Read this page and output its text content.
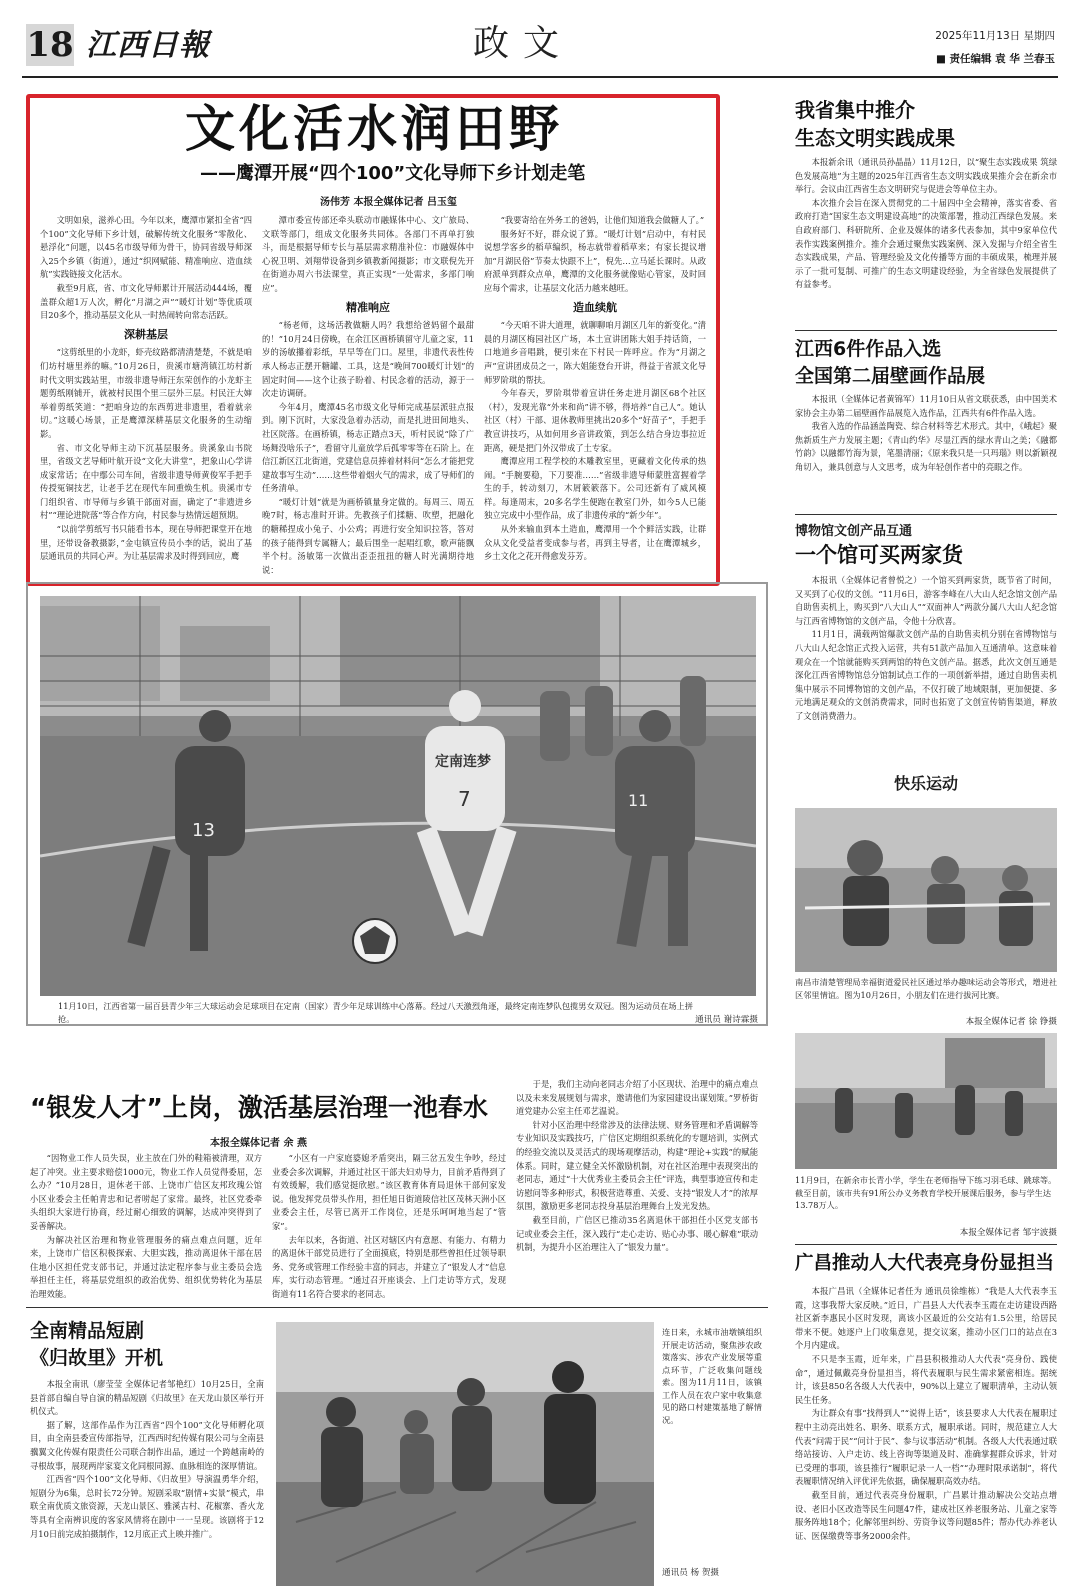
18 江西日報	政文	2025年11月13日 星期四
■ 责任编辑 袁 华 兰春玉
文化活水润田野
——鹰潭开展“四个100”文化导师下乡计划走笔
汤伟芳 本报全媒体记者 吕玉玺

文明如泉，滋养心田。今年以来，鹰潭市紧扣全省“四个100”文化导师下乡计划，破解传统文化服务“零散化、悬浮化”问题，以45名市级导师为骨干，协同省级导师深入25个乡镇（街道），通过“织网赋能、精准响应、造血续航”实践链接文化活水。

截至9月底，省、市文化导师累计开展活动444场，覆盖群众超1万人次，孵化“月湖之声”“暖灯计划”等优质项目20多个，推动基层文化从一时热闹转向常态活跃。

深耕基层

“这剪纸里的小龙虾，虾壳纹路都清清楚楚，不就是咱们坊村塘里养的嘛。”10月26日，贵溪市塘湾镇江坊村新时代文明实践站里，市级非遗导师汪东荣创作的小龙虾主题剪纸刚铺开，就被村民围个里三层外三层。村民汪大婶举着剪纸笑道：“把咱身边的东西剪进非遗里，看着就亲切。”这暖心场景，正是鹰潭深耕基层文化服务的生动缩影。

省、市文化导师主动下沉基层服务。贵溪象山书院里，省级文艺导师叶航开设“文化大讲堂”，把象山心学讲成家常话；在中鄢公司车间，省级非遗导师黄俊军手把手传授冤铜技艺，让老手艺在现代车间重焕生机。贵溪市专门组织省、市导师与乡镇干部面对面，确定了“非遗进乡村”“理论进院落”等合作方向，村民参与热情远超预期。

“以前学剪纸写书只能看书本，现在导师把课堂开在地里，还带设备教摄影，”金屯镇宣传员小李的话，说出了基层通讯员的共同心声。为让基层需求及时得到回应，鹰

潭市委宣传部还牵头联动市融媒体中心、文广旅局、文联等部门，组成文化服务共同体。各部门不再单打独斗，而是根据导师专长与基层需求精准补位：市融媒体中心祝卫明、刘翔带设备到乡镇教新闻摄影；市文联倪先开在街道办周六书法课堂，真正实现“一处需求，多部门响应”。

精准响应

“杨老师，这场活教做糖人吗？我想给爸妈留个最甜的！”10月24日傍晚，在余江区画桥镇留守儿童之家，11岁的汤敏攥着彩纸，早早等在门口。屋里，非遗代表性传承人杨志正摆开糖罐、工具，这是“晚间700暖灯计划”的固定时间——这个让孩子盼着、村民念着的活动，源于一次走访调研。

今年4月，鹰潭45名市级文化导师完成基层派驻点报到。刚下沉时，大家没急着办活动，而是扎进田间地头、社区院落。在画桥镇，杨志正踏点3天，听村民说“除了广场舞没啥乐子”，看留守儿童放学后孤零零等在石阶上。在信江新区江北街道，党建信息员捧着材料问“怎么才能把党建故事写生动”……这些带着烟火气的需求，成了导师们的任务清单。

“暖灯计划”就是为画桥镇量身定做的。每周三、周五晚7时，杨志准时开讲。先教孩子们揉糖、吹塑，把融化的糖稀捏成小兔子、小公鸡；再进行安全知识拉答，答对的孩子能得到专属糖人；最后围坐一起唱红歌，歌声能飘半个村。汤敏第一次做出歪歪扭扭的糖人时光满期待地说：

“我要寄给在外务工的爸妈，让他们知道我会做糖人了。”

服务好不好，群众说了算。“暖灯计划”启动中，有村民说想学客乡的稻草编织，杨志就带着稻草来；有家长提议增加“月湖民俗”节奏太快跟不上”，倪先…立马延长课时。从政府派单到群众点单，鹰潭的文化服务就像贴心管家，及时回应每个需求，让基层文化活力越来越旺。

造血续航

“今天咱不讲大道理，就聊聊咱月湖区几年的新变化。”清晨的月湖区梅园社区广场，本土宣讲团陈大姐手持话筒，一口地道乡音唱跳，便引来在下村民一阵呼应。作为“月湖之声”宣讲团成员之一，陈大姐能登台开讲，得益于省派文化导师罗阶琪的帮扶。

今年春天，罗阶琪带着宣讲任务走进月湖区68个社区（村），发现光靠“外来和尚”讲不够，得培养“自己人”。她认社区（村）干部、退休教师里挑出20多个“好苗子”，手把手教宣讲技巧，从如何用乡音讲政策，到怎么结合身边事拉近距离，硬是把门外汉带成了土专家。

鹰潭应用工程学校的木雕教室里，更藏着文化传承的热闹。“手腕要稳，下刀要准……”省级非遗导师蒙胜富握着学生的手，转动刻刀，木屑簌簌落下。公司还新有了威风模样。每逢周末，20多名学生便跑在教室门外，如今5人已能独立完成中小型作品，成了非遗传承的“新少年”。

从外来输血到本土造血，鹰潭用一个个鲜活实践，让群众从文化受益者变成参与者，再到主导者，让在鹰潭城乡，乡土文化之花开得愈发芬芳。

13
定南连梦
7	11
11月10日，江西省第一届百县青少年三大球运动会足球项目在定南（国家）青少年足球训练中心落幕。经过八天激烈角逐，最终定南连梦队包揽男女双冠。图为运动员在场上拼抢。	通讯员 谢诗霖摄
我省集中推介
生态文明实践成果

本报新余讯（通讯员孙晶晶）11月12日，以“聚生态实践成果 筑绿色发展高地”为主题的2025年江西省生态文明实践成果推介会在新余市举行。会议由江西省生态文明研究与促进会等单位主办。

本次推介会旨在深入贯彻党的二十届四中全会精神，落实省委、省政府打造“国家生态文明建设高地”的决策部署，推动江西绿色发展。来自政府部门、科研院所、企业及媒体的诸多代表参加，其中9家单位代表作实践案例推介。推介会通过聚焦实践案例、深入发掘与介绍全省生态实践成果，产品、管理经验及文化传播等方面的丰硕成果，梳理并展示了一批可复制、可推广的生态文明建设经验，为全省绿色发展提供了有益参考。

江西6件作品入选
全国第二届壁画作品展

本报讯（全媒体记者黄锦军）11月10日从省文联获悉，由中国美术家协会主办第二届壁画作品展览入选作品，江西共有6件作品入选。

我省入选的作品涵盖陶瓷、综合材料等艺术形式。其中，《峨起》聚焦新质生产力发展主题；《青山约华》尽显江西的绿水青山之美；《融都竹韵》以融都竹海为景，笔墨清丽；《原来我只是一只玛瑙》则以新颖视角切入，兼具创意与人文思考，成为年轻创作者中的亮眼之作。

博物馆文创产品互通
一个馆可买两家货

本报讯（全媒体记者曾悦之）一个馆买到两家货，既节省了时间，又买到了心仪的文创。“11月6日，游客李峰在八大山人纪念馆文创产品自助售卖机上，购买到“八大山人”“双面神人”两款分属八大山人纪念馆与江西省博物馆的文创产品，令他十分欣喜。

11月1日，满载两馆爆款文创产品的自助售卖机分别在省博物馆与八大山人纪念馆正式投入运营，共有51款产品加入互通清单。这意味着观众在一个馆就能购买到两馆的特色文创产品。据悉，此次文创互通是深化江西省博物馆总分馆制试点工作的一项创新举措，通过自助售卖机集中展示不同博物馆的文创产品，不仅打破了地域限制，更加便捷、多元地满足观众的文创消费需求，同时也拓宽了文创宣传销售渠道，释放了文创消费潜力。

快乐运动
南昌市清楚管理局幸福街道爱民社区通过举办趣味运动会等形式，增进社区邻里情谊。图为10月26日，小朋友们在进行拔河比赛。
本报全媒体记者 徐 铮摄
11月9日，在新余市长青小学，学生在老师指导下练习羽毛球、跳球等。截至目前，该市共有91所公办义务教育学校开展课后服务，参与学生达13.78万人。
本报全媒体记者 邹宇波摄
广昌推动人大代表亮身份显担当

本报广昌讯（全媒体记者任为 通讯员徐维栋）“我是人大代表李玉霞，这事我帮大家反映。”近日，广昌县人大代表李玉霞在走访建设西路社区新李惠民小区时发现，离该小区最近的公交站有1.5公里，给居民带来不便。她逐户上门收集意见，提交议案，推动小区门口的站点在3个月内建成。

不只是李玉霞，近年来，广昌县积极推动人大代表“亮身份、践使命”，通过佩戴亮身份显担当，将代表履职与民生需求紧密相连。据统计，该县850名各级人大代表中，90%以上建立了履职清单，主动认领民生任务。

为让群众有事“找得到人”“说得上话”，该县要求人大代表在履职过程中主动亮出姓名、职务、联系方式，履职承诺。同时，规范建立人大代表“问需于民”“问计于民”、参与议事活动“机制。各级人大代表通过联络站接访、入户走访、线上咨询等渠道及时、准确掌握群众诉求，针对已受理的事项，该县推行“履职记录一人一档”“办理时限承诺制”，将代表履职情况纳入评优评先依据，确保履职高效办结。

截至目前，通过代表亮身份履职，广昌累计推动解决公交站点增设、老旧小区改造等民生问题47件，建成社区养老服务站、儿童之家等服务阵地18个；化解邻里纠纷、劳资争议等问题85件；帮办代办养老认证、医保缴费等事务2000余件。

“银发人才”上岗，激活基层治理一池春水
本报全媒体记者 余 燕

“因物业工作人员失误，业主放在门外的鞋箱被清理，双方起了冲突。业主要求赔偿1000元，物业工作人员觉得委屈，怎么办？”10月28日，退休老干部、上饶市广信区友邦玫瑰公馆小区业委会主任帕青忠和记者唠起了家常。最终，社区党委牵头组织大家进行协商，经过耐心细致的调解，达成冲突得到了妥善解决。

为解决社区治理和物业管理服务的痛点难点问题，近年来，上饶市广信区积极探索、大胆实践，推动离退休干部在居住地小区担任党支部书记，并通过法定程序参与业主委员会选举担任主任，将基层党组织的政治优势、组织优势转化为基层治理效能。

“小区有一户家庭婆媳矛盾突出，隔三岔五发生争吵，经过业委会多次调解，并通过社区干部夫妇劝导力，目前矛盾得到了有效缓解，我们感觉挺欣慰。”该区教育体育局退休干部何家发说。他发挥党员带头作用，担任旭日街道陵信社区茂林天洲小区业委会主任，尽管已离开工作岗位，还是乐呵呵地当起了“管家”。

去年以来，各街道、社区对辖区内有意愿、有能力、有精力的离退休干部党员进行了全面摸底，特别是那些曾担任过领导职务、党务或管理工作经验丰富的同志，并建立了“银发人才”信息库，实行动态管理。“通过召开座谈会、上门走访等方式，发现街道有11名符合要求的老同志。

于是，我们主动向老同志介绍了小区现状、治理中的痛点难点以及未来发展规划与需求，邀请他们为家园建设出谋划策。”罗桥街道党建办公室主任邓艺温说。

针对小区治理中经常涉及的法律法规、财务管理和矛盾调解等专业知识及实践技巧，广信区定期组织系统化的专题培训，实例式的经验交流以及灵活式的现场观摩活动，构建“理论+实践”的赋能体系。同时，建立健全关怀激励机制，对在社区治理中表现突出的老同志，通过“十大优秀业主委员会主任”评选，典型事迹宣传和走访慰问等多种形式，积极营造尊重、关爱、支持“银发人才”的浓厚氛围，激励更多老同志投身基层治理舞台上发光发热。

截至目前，广信区已推动35名离退休干部担任小区党支部书记或业委会主任，深入践行“走心走访、贴心办事、暖心解难”联动机制，为提升小区治理注入了“银发力量”。

全南精品短剧
《归故里》开机

本报全南讯（廖莹莹 全媒体记者邹艳红）10月25日，全南县首部自编自导自演的精品短剧《归故里》在天龙山景区举行开机仪式。

据了解，这部作品作为江西省“四个100”文化导师孵化项目，由全南县委宣传部指导，江西西时纪传媒有限公司与全南县骥翼文化传媒有限责任公司联合制作出品，通过一个跨越南岭的寻根故事，展现两岸家宴文化同根同源、血脉相连的深厚情谊。

江西省“四个100”文化导师、《归故里》导演温勇华介绍，短剧分为6集，总时长72分钟。短剧采取“剧情+实景”模式，串联全南优质文旅资源，天龙山景区、雅溪古村、花椒寨、香火龙等具有全南辨识度的客家风情将在剧中一一呈现。该剧将于12月10日前完成拍摄制作，12月底正式上映并推广。

连日来，永城市油墩镇组织开展走访活动，聚焦涉农政策落实、涉农产业发展等重点环节，广泛收集问题线索。图为11月11日，该镇工作人员在农户家中收集意见的路口村建策基地了解情况。
通讯员 杨 贺摄
